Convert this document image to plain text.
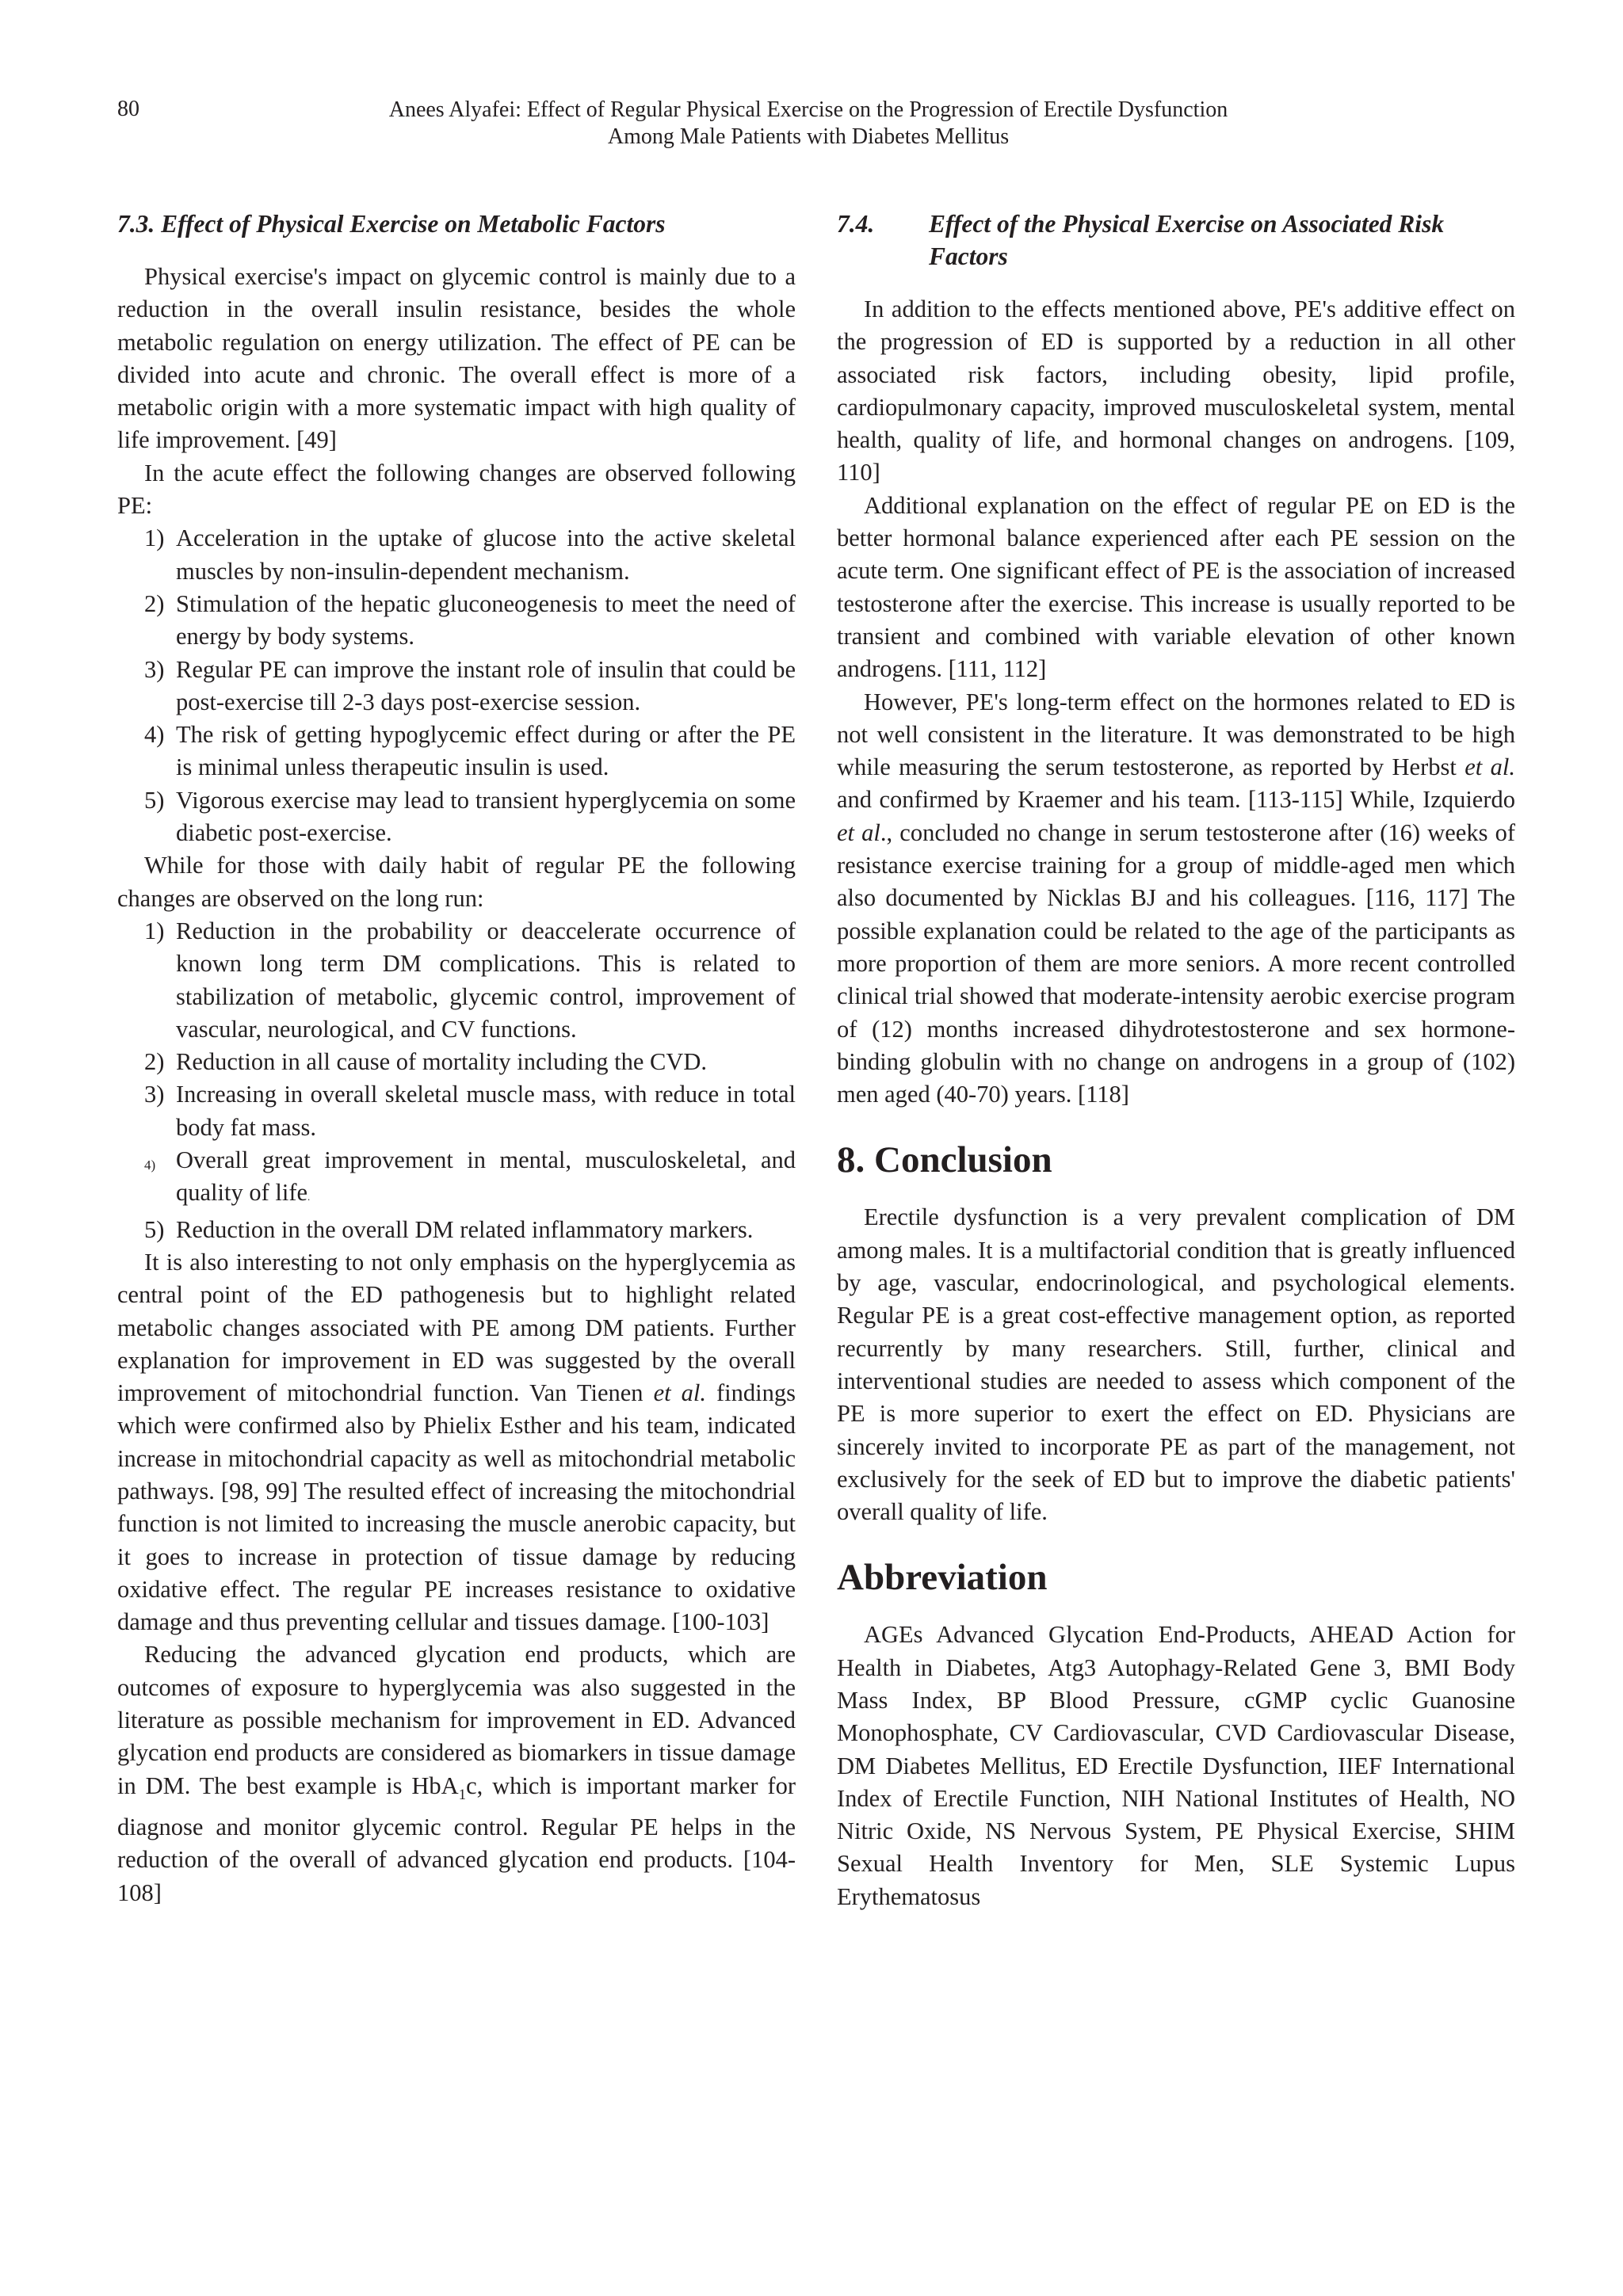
80	Anees Alyafei: Effect of Regular Physical Exercise on the Progression of Erectile Dysfunction
Among Male Patients with Diabetes Mellitus
7.3. Effect of Physical Exercise on Metabolic Factors

Physical exercise's impact on glycemic control is mainly due to a reduction in the overall insulin resistance, besides the whole metabolic regulation on energy utilization. The effect of PE can be divided into acute and chronic. The overall effect is more of a metabolic origin with a more systematic impact with high quality of life improvement. [49]

In the acute effect the following changes are observed following PE:

1) Acceleration in the uptake of glucose into the active skeletal muscles by non-insulin-dependent mechanism.
2) Stimulation of the hepatic gluconeogenesis to meet the need of energy by body systems.
3) Regular PE can improve the instant role of insulin that could be post-exercise till 2-3 days post-exercise session.
4) The risk of getting hypoglycemic effect during or after the PE is minimal unless therapeutic insulin is used.
5) Vigorous exercise may lead to transient hyperglycemia on some diabetic post-exercise.

While for those with daily habit of regular PE the following changes are observed on the long run:

1) Reduction in the probability or deaccelerate occurrence of known long term DM complications. This is related to stabilization of metabolic, glycemic control, improvement of vascular, neurological, and CV functions.
2) Reduction in all cause of mortality including the CVD.
3) Increasing in overall skeletal muscle mass, with reduce in total body fat mass.
4) Overall great improvement in mental, musculoskeletal, and quality of life.
5) Reduction in the overall DM related inflammatory markers.

It is also interesting to not only emphasis on the hyperglycemia as central point of the ED pathogenesis but to highlight related metabolic changes associated with PE among DM patients. Further explanation for improvement in ED was suggested by the overall improvement of mitochondrial function. Van Tienen et al. findings which were confirmed also by Phielix Esther and his team, indicated increase in mitochondrial capacity as well as mitochondrial metabolic pathways. [98, 99] The resulted effect of increasing the mitochondrial function is not limited to increasing the muscle anerobic capacity, but it goes to increase in protection of tissue damage by reducing oxidative effect. The regular PE increases resistance to oxidative damage and thus preventing cellular and tissues damage. [100-103]

Reducing the advanced glycation end products, which are outcomes of exposure to hyperglycemia was also suggested in the literature as possible mechanism for improvement in ED. Advanced glycation end products are considered as biomarkers in tissue damage in DM. The best example is HbA$_1$c, which is important marker for diagnose and monitor glycemic control. Regular PE helps in the reduction of the overall of advanced glycation end products. [104-108]

7.4. Effect of the Physical Exercise on Associated Risk Factors

In addition to the effects mentioned above, PE's additive effect on the progression of ED is supported by a reduction in all other associated risk factors, including obesity, lipid profile, cardiopulmonary capacity, improved musculoskeletal system, mental health, quality of life, and hormonal changes on androgens. [109, 110]

Additional explanation on the effect of regular PE on ED is the better hormonal balance experienced after each PE session on the acute term. One significant effect of PE is the association of increased testosterone after the exercise. This increase is usually reported to be transient and combined with variable elevation of other known androgens. [111, 112]

However, PE's long-term effect on the hormones related to ED is not well consistent in the literature. It was demonstrated to be high while measuring the serum testosterone, as reported by Herbst et al. and confirmed by Kraemer and his team. [113-115] While, Izquierdo et al., concluded no change in serum testosterone after (16) weeks of resistance exercise training for a group of middle-aged men which also documented by Nicklas BJ and his colleagues. [116, 117] The possible explanation could be related to the age of the participants as more proportion of them are more seniors. A more recent controlled clinical trial showed that moderate-intensity aerobic exercise program of (12) months increased dihydrotestosterone and sex hormone-binding globulin with no change on androgens in a group of (102) men aged (40-70) years. [118]

8. Conclusion

Erectile dysfunction is a very prevalent complication of DM among males. It is a multifactorial condition that is greatly influenced by age, vascular, endocrinological, and psychological elements. Regular PE is a great cost-effective management option, as reported recurrently by many researchers. Still, further, clinical and interventional studies are needed to assess which component of the PE is more superior to exert the effect on ED. Physicians are sincerely invited to incorporate PE as part of the management, not exclusively for the seek of ED but to improve the diabetic patients' overall quality of life.

Abbreviation

AGEs Advanced Glycation End-Products, AHEAD Action for Health in Diabetes, Atg3 Autophagy-Related Gene 3, BMI Body Mass Index, BP Blood Pressure, cGMP cyclic Guanosine Monophosphate, CV Cardiovascular, CVD Cardiovascular Disease, DM Diabetes Mellitus, ED Erectile Dysfunction, IIEF International Index of Erectile Function, NIH National Institutes of Health, NO Nitric Oxide, NS Nervous System, PE Physical Exercise, SHIM Sexual Health Inventory for Men, SLE Systemic Lupus Erythematosus
